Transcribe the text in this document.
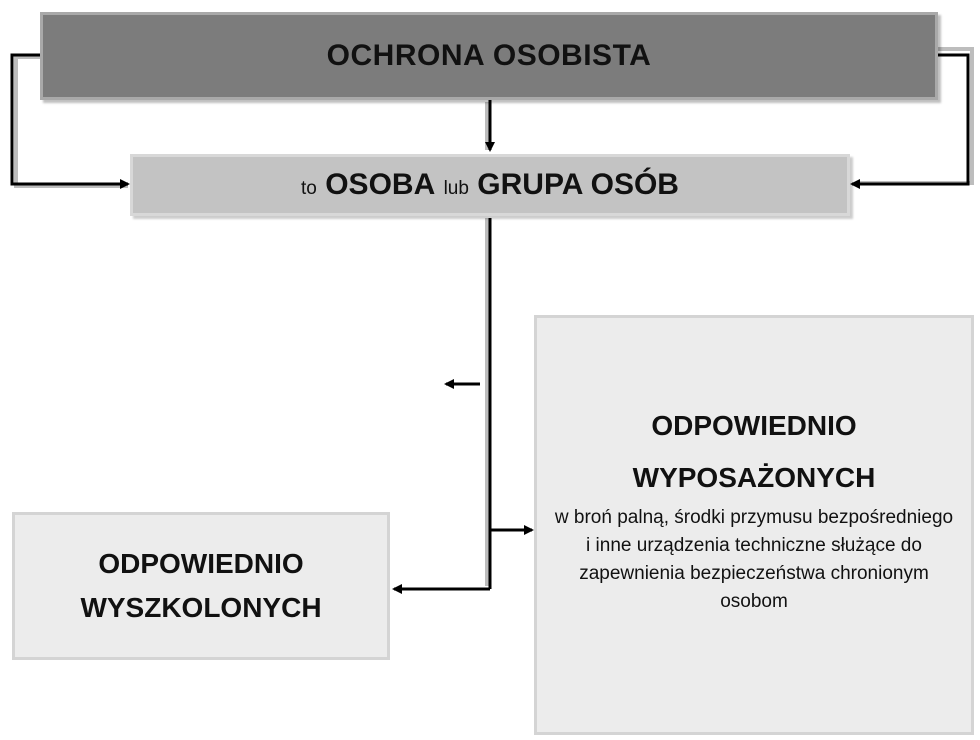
OCHRONA OSOBISTA
to OSOBA lub GRUPA OSÓB
ODPOWIEDNIO
WYSZKOLONYCH
ODPOWIEDNIO
WYPOSAŻONYCH
w broń palną, środki przymusu bezpośredniego i inne urządzenia techniczne służące do zapewnienia bezpieczeństwa chronionym osobom
